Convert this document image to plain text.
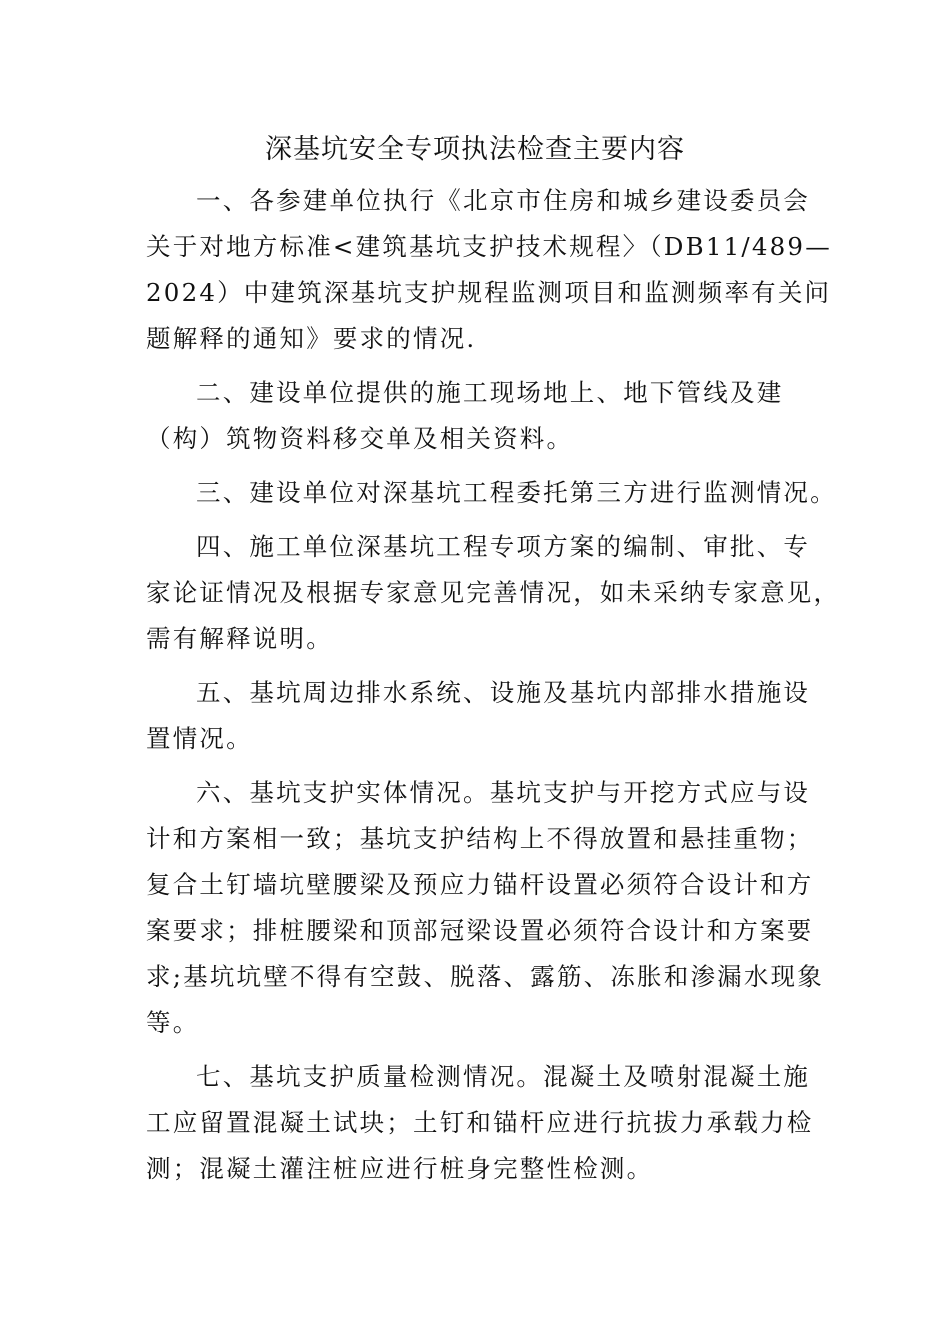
深基坑安全专项执法检查主要内容
一、各参建单位执行《北京市住房和城乡建设委员会
关于对地方标准<建筑基坑支护技术规程〉（DB11/489—
2024）中建筑深基坑支护规程监测项目和监测频率有关问
题解释的通知》要求的情况.
二、建设单位提供的施工现场地上、地下管线及建
（构）筑物资料移交单及相关资料。
三、建设单位对深基坑工程委托第三方进行监测情况。
四、施工单位深基坑工程专项方案的编制、审批、专
家论证情况及根据专家意见完善情况，如未采纳专家意见，
需有解释说明。
五、基坑周边排水系统、设施及基坑内部排水措施设
置情况。
六、基坑支护实体情况。基坑支护与开挖方式应与设
计和方案相一致；基坑支护结构上不得放置和悬挂重物；
复合土钉墙坑壁腰梁及预应力锚杆设置必须符合设计和方
案要求；排桩腰梁和顶部冠梁设置必须符合设计和方案要
求;基坑坑壁不得有空鼓、脱落、露筋、冻胀和渗漏水现象
等。
七、基坑支护质量检测情况。混凝土及喷射混凝土施
工应留置混凝土试块；土钉和锚杆应进行抗拔力承载力检
测；混凝土灌注桩应进行桩身完整性检测。
